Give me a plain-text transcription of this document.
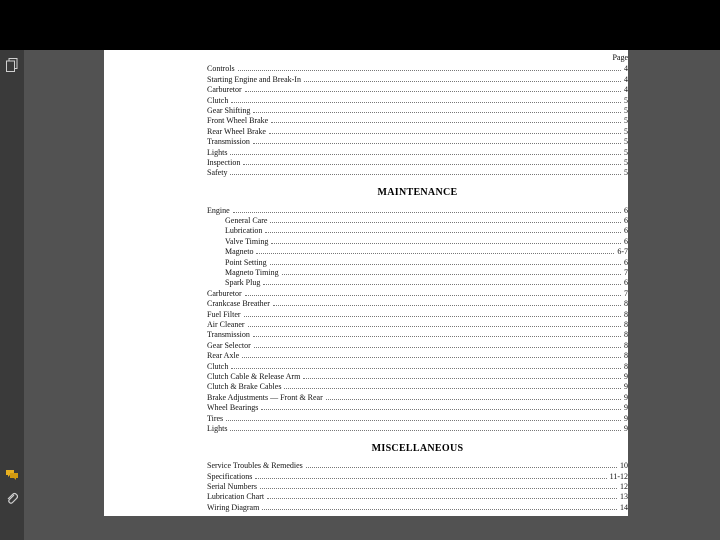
Page
Controls	4
Starting Engine and Break-In	4
Carburetor	4
Clutch	5
Gear Shifting	5
Front Wheel Brake	5
Rear Wheel Brake	5
Transmission	5
Lights	5
Inspection	5
Safety	5
MAINTENANCE
Engine	6
General Care	6
Lubrication	6
Valve Timing	6
Magneto	6-7
Point Setting	6
Magneto Timing	7
Spark Plug	6
Carburetor	7
Crankcase Breather	8
Fuel Filter	8
Air Cleaner	8
Transmission	8
Gear Selector	8
Rear Axle	8
Clutch	8
Clutch Cable & Release Arm	9
Clutch & Brake Cables	9
Brake Adjustments — Front & Rear	9
Wheel Bearings	9
Tires	9
Lights	9
MISCELLANEOUS
Service Troubles & Remedies	10
Specifications	11-12
Serial Numbers	12
Lubrication Chart	13
Wiring Diagram	14
